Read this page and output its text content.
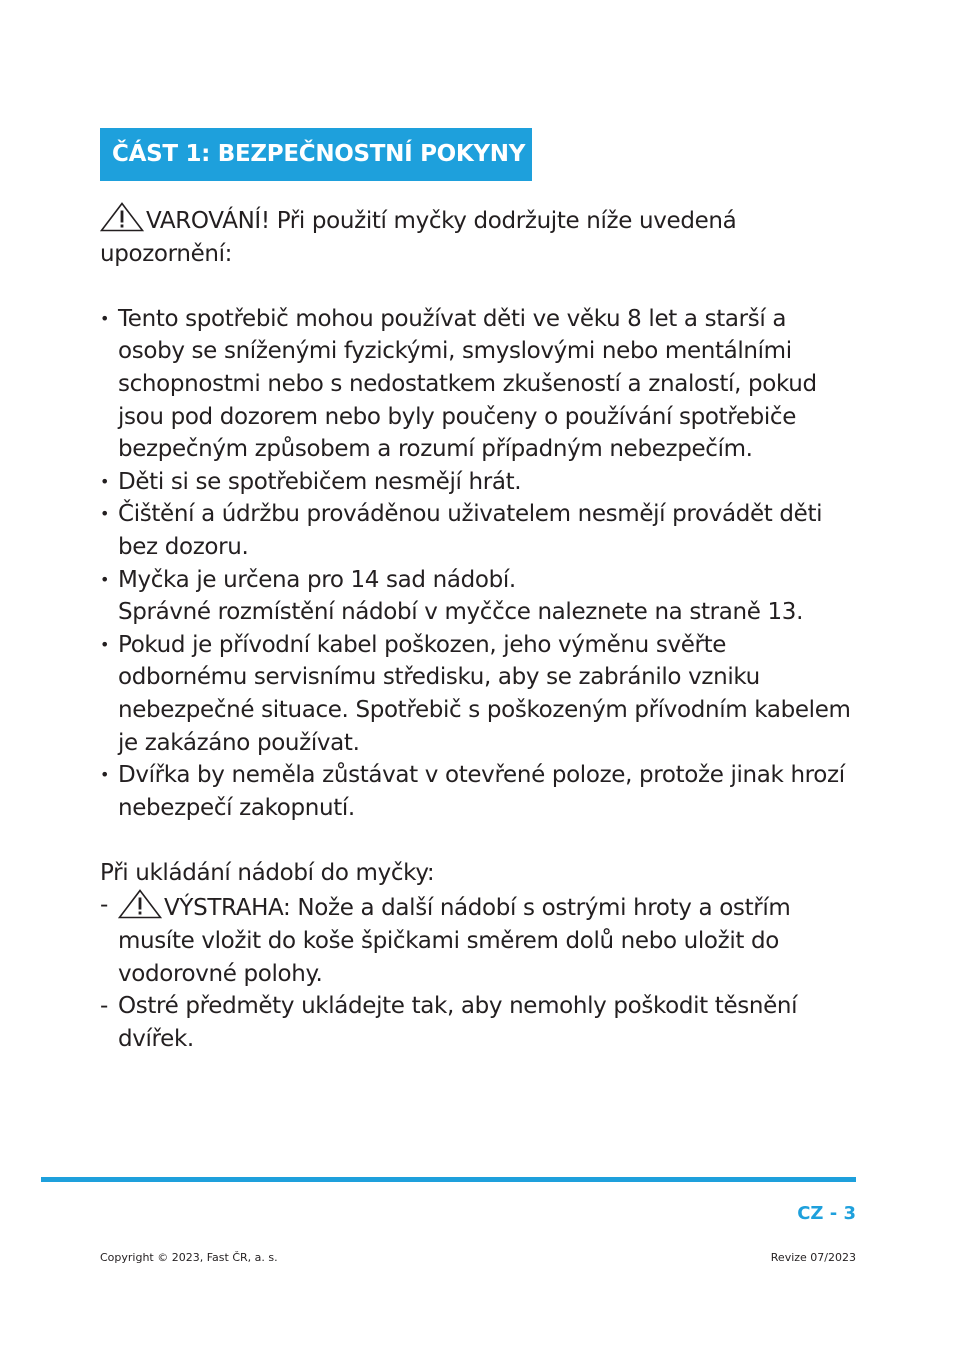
ČÁST 1: BEZPEČNOSTNÍ POKYNY

VAROVÁNÍ! Při použití myčky dodržujte níže uvedená
upozornění:

• Tento spotřebič mohou používat děti ve věku 8 let a starší a
osoby se sníženými fyzickými, smyslovými nebo mentálními
schopnostmi nebo s nedostatkem zkušeností a znalostí, pokud
jsou pod dozorem nebo byly poučeny o používání spotřebiče
bezpečným způsobem a rozumí případným nebezpečím.
• Děti si se spotřebičem nesmějí hrát.
• Čištění a údržbu prováděnou uživatelem nesmějí provádět děti
bez dozoru.
• Myčka je určena pro 14 sad nádobí.
Správné rozmístění nádobí v myččce naleznete na straně 13.
• Pokud je přívodní kabel poškozen, jeho výměnu svěřte
odbornému servisnímu středisku, aby se zabránilo vzniku
nebezpečné situace. Spotřebič s poškozeným přívodním kabelem
je zakázáno používat.
• Dvířka by neměla zůstávat v otevřené poloze, protože jinak hrozí
nebezpečí zakopnutí.

Při ukládání nádobí do myčky:

-	VÝSTRAHA: Nože a další nádobí s ostrými hroty a ostřím
musíte vložit do koše špičkami směrem dolů nebo uložit do
vodorovné polohy.
- Ostré předměty ukládejte tak, aby nemohly poškodit těsnění
dvířek.
CZ - 3
Copyright © 2023, Fast ČR, a. s.	Revize 07/2023
